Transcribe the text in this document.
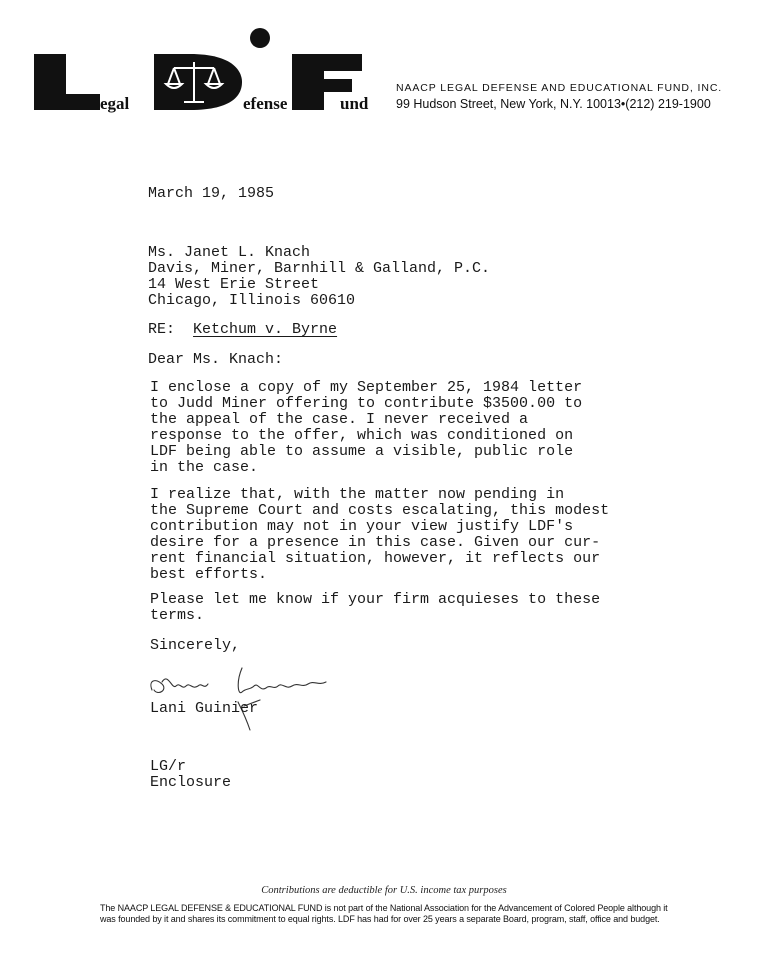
egal	efense	und
NAACP LEGAL DEFENSE AND EDUCATIONAL FUND, INC.
99 Hudson Street, New York, N.Y. 10013•(212) 219-1900
March 19, 1985
Ms. Janet L. Knach
Davis, Miner, Barnhill & Galland, P.C.
14 West Erie Street
Chicago, Illinois 60610
RE: Ketchum v. Byrne
Dear Ms. Knach:
I enclose a copy of my September 25, 1984 letter
to Judd Miner offering to contribute $3500.00 to
the appeal of the case. I never received a
response to the offer, which was conditioned on
LDF being able to assume a visible, public role
in the case.
I realize that, with the matter now pending in
the Supreme Court and costs escalating, this modest
contribution may not in your view justify LDF's
desire for a presence in this case. Given our cur-
rent financial situation, however, it reflects our
best efforts.
Please let me know if your firm acquieses to these
terms.
Sincerely,
Lani Guinier
LG/r
Enclosure
Contributions are deductible for U.S. income tax purposes
The NAACP LEGAL DEFENSE & EDUCATIONAL FUND is not part of the National Association for the Advancement of Colored People although it
was founded by it and shares its commitment to equal rights. LDF has had for over 25 years a separate Board, program, staff, office and budget.
